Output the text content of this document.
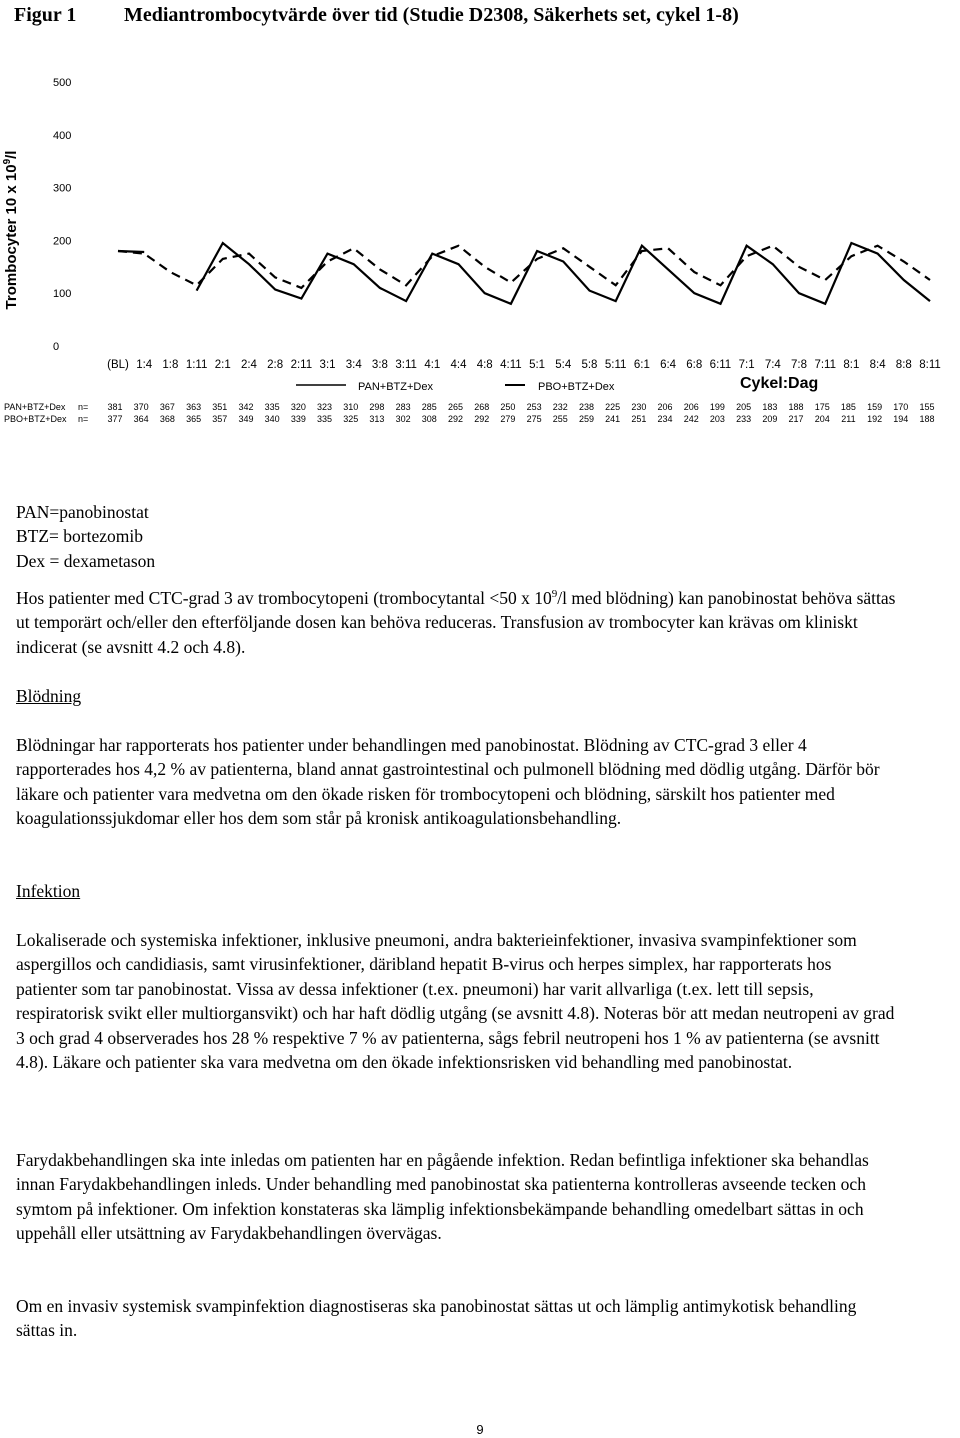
Figur 1 Mediantrombocytvärde över tid (Studie D2308, Säkerhets set, cykel 1-8)
Trombocyter 10 x $10^9/l$
0
100
200
300
400
500
(BL) 1:4 1:8 1:11 2:1 2:4 2:8 2:11 3:1 3:4 3:8 3:11 4:1 4:4 4:8 4:11 5:1 5:4 5:8 5:11 6:1 6:4 6:8 6:11 7:1 7:4 7:8 7:11 8:1 8:4 8:8 8:11
PAN+BTZ+Dex	PBO+BTZ+Dex	Cykel:Dag
PAN+BTZ+Dex n= 381 370 367 363 351 342 335 320 323 310 298 283 285 265 268 250 253 232 238 225 230 206 206 199 205 183 188 175 185 159 170 155
PBO+BTZ+Dex n= 377 364 368 365 357 349 340 339 335 325 313 302 308 292 292 279 275 255 259 241 251 234 242 203 233 209 217 204 211 192 194 188

PAN=panobinostat

BTZ= bortezomib

Dex = dexametason

Hos patienter med CTC-grad 3 av trombocytopeni (trombocytantal <50 x $10^9/l$ med blödning) kan panobinostat behöva sättas ut temporärt och/eller den efterföljande dosen kan behöva reduceras. Transfusion av trombocyter kan krävas om kliniskt indicerat (se avsnitt 4.2 och 4.8).

Blödning
Blödningar har rapporterats hos patienter under behandlingen med panobinostat. Blödning av CTC-grad 3 eller 4 rapporterades hos 4,2 % av patienterna, bland annat gastrointestinal och pulmonell blödning med dödlig utgång. Därför bör läkare och patienter vara medvetna om den ökade risken för trombocytopeni och blödning, särskilt hos patienter med koagulationssjukdomar eller hos dem som står på kronisk antikoagulationsbehandling.
Infektion
Lokaliserade och systemiska infektioner, inklusive pneumoni, andra bakterieinfektioner, invasiva svampinfektioner som aspergillos och candidiasis, samt virusinfektioner, däribland hepatit B-virus och herpes simplex, har rapporterats hos patienter som tar panobinostat. Vissa av dessa infektioner (t.ex. pneumoni) har varit allvarliga (t.ex. lett till sepsis, respiratorisk svikt eller multiorgansvikt) och har haft dödlig utgång (se avsnitt 4.8). Noteras bör att medan neutropeni av grad 3 och grad 4 observerades hos 28 % respektive 7 % av patienterna, sågs febril neutropeni hos 1 % av patienterna (se avsnitt 4.8). Läkare och patienter ska vara medvetna om den ökade infektionsrisken vid behandling med panobinostat.
Farydakbehandlingen ska inte inledas om patienten har en pågående infektion. Redan befintliga infektioner ska behandlas innan Farydakbehandlingen inleds. Under behandling med panobinostat ska patienterna kontrolleras avseende tecken och symtom på infektioner. Om infektion konstateras ska lämplig infektionsbekämpande behandling omedelbart sättas in och uppehåll eller utsättning av Farydakbehandlingen övervägas.
Om en invasiv systemisk svampinfektion diagnostiseras ska panobinostat sättas ut och lämplig antimykotisk behandling sättas in.
9
